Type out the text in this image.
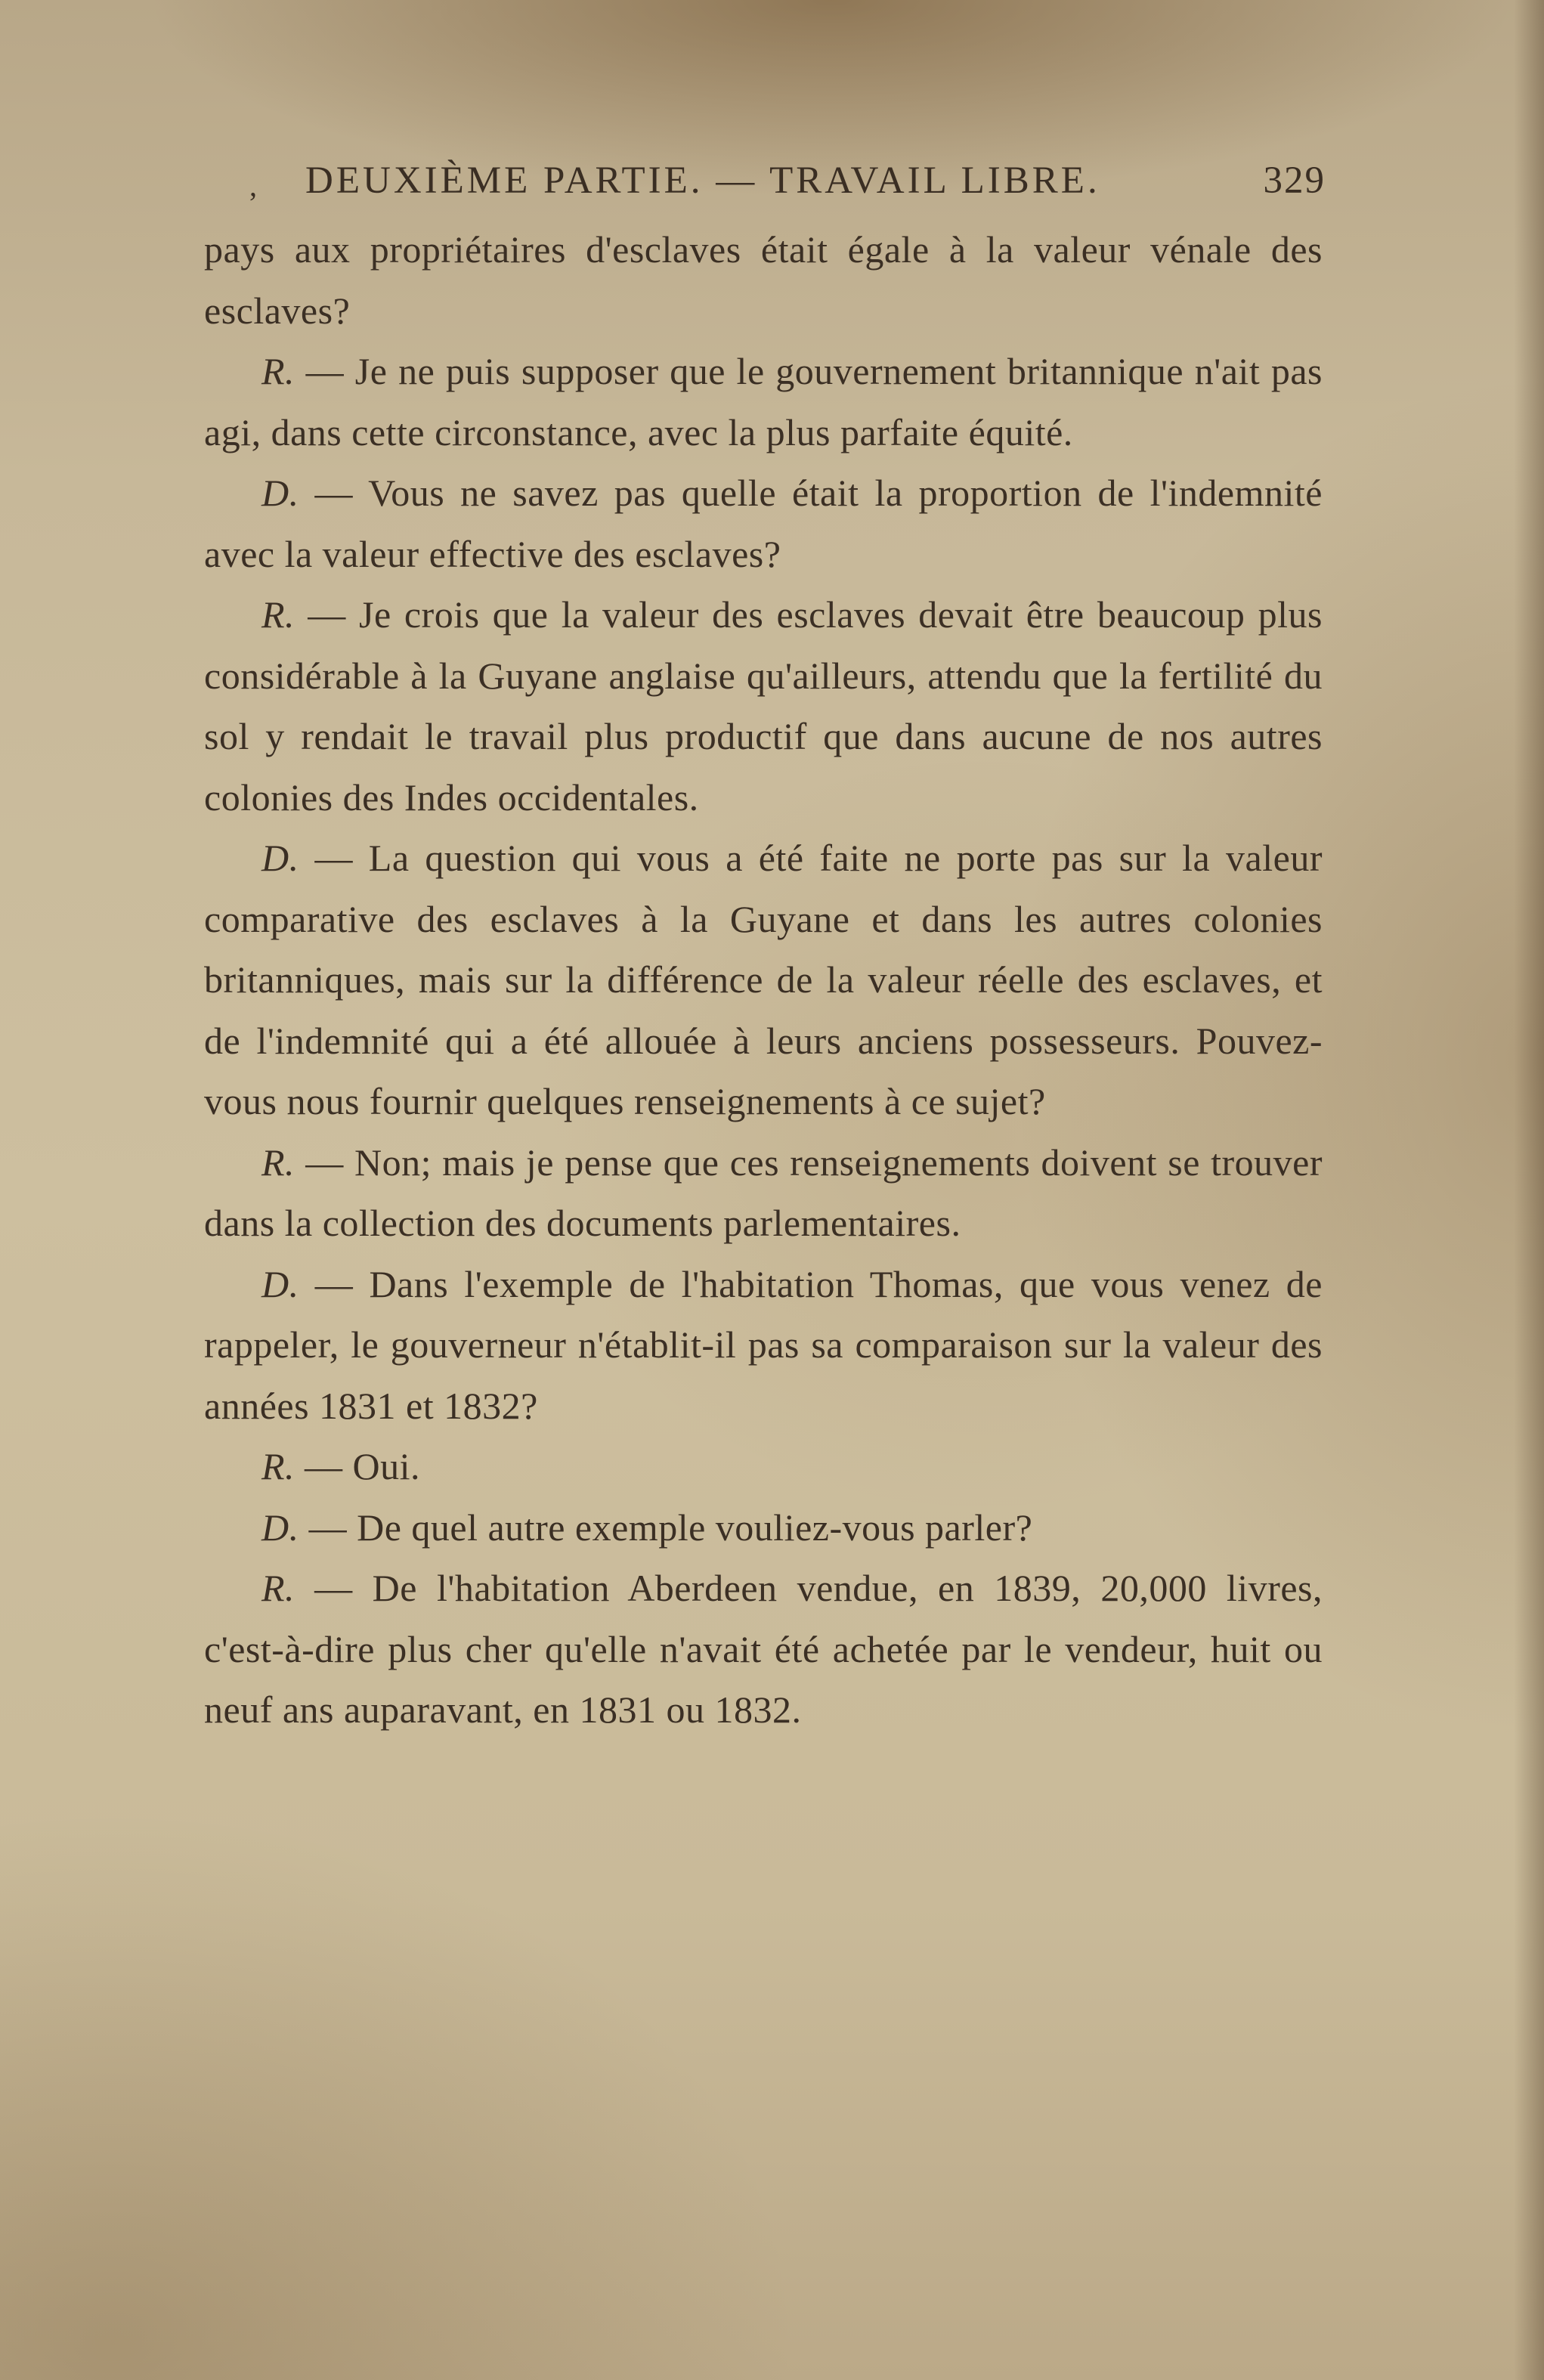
, DEUXIÈME PARTIE. — TRAVAIL LIBRE.	329

pays aux propriétaires d'esclaves était égale à la valeur vénale des esclaves?

R. — Je ne puis supposer que le gouvernement britannique n'ait pas agi, dans cette circonstance, avec la plus parfaite équité.

D. — Vous ne savez pas quelle était la proportion de l'indemnité avec la valeur effective des esclaves?

R. — Je crois que la valeur des esclaves devait être beaucoup plus considérable à la Guyane anglaise qu'ailleurs, attendu que la fertilité du sol y rendait le travail plus productif que dans aucune de nos autres colonies des Indes occidentales.

D. — La question qui vous a été faite ne porte pas sur la valeur comparative des esclaves à la Guyane et dans les autres colonies britanniques, mais sur la différence de la valeur réelle des esclaves, et de l'indemnité qui a été allouée à leurs anciens possesseurs. Pouvez-vous nous fournir quelques renseignements à ce sujet?

R. — Non; mais je pense que ces renseignements doivent se trouver dans la collection des documents parlementaires.

D. — Dans l'exemple de l'habitation Thomas, que vous venez de rappeler, le gouverneur n'établit-il pas sa comparaison sur la valeur des années 1831 et 1832?

R. — Oui.

D. — De quel autre exemple vouliez-vous parler?

R. — De l'habitation Aberdeen vendue, en 1839, 20,000 livres, c'est-à-dire plus cher qu'elle n'avait été achetée par le vendeur, huit ou neuf ans auparavant, en 1831 ou 1832.
